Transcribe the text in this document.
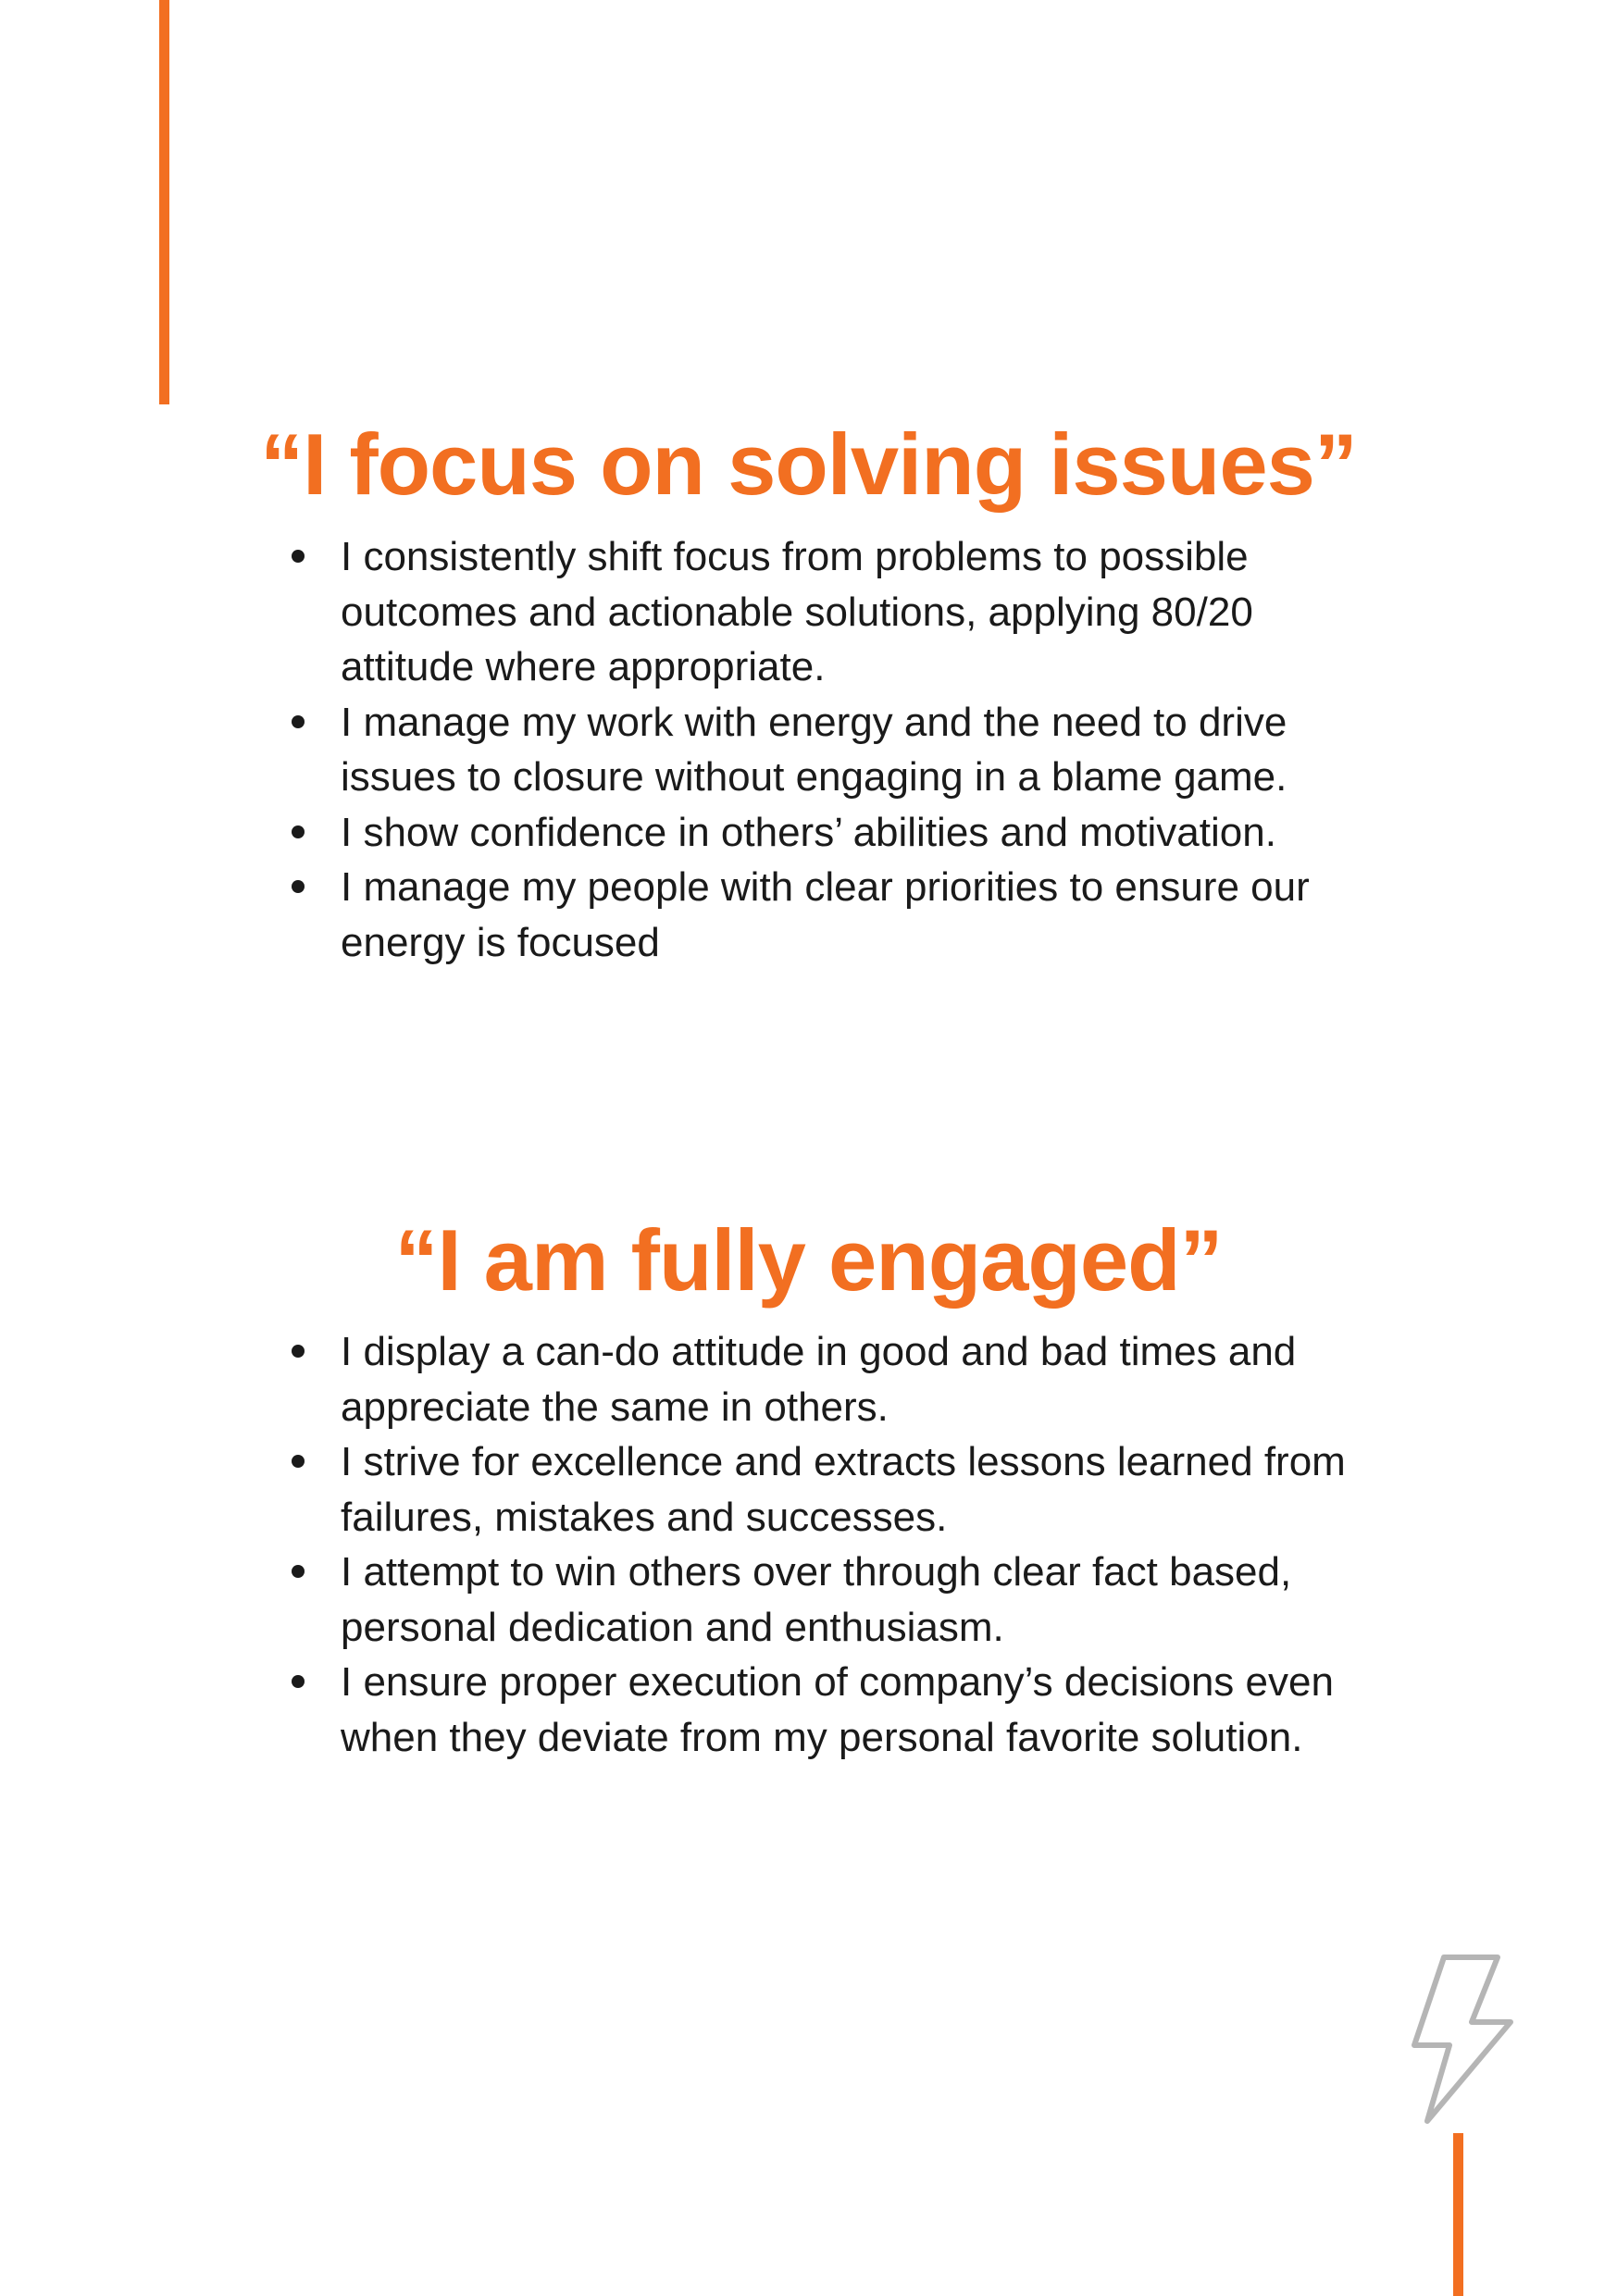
“I focus on solving issues”
I consistently shift focus from problems to possible outcomes and actionable solutions, applying 80/20 attitude where appropriate.
I manage my work with energy and the need to drive issues to closure without engaging in a blame game.
I show confidence in others’ abilities and motivation.
I manage my people with clear priorities to ensure our energy is focused
“I am fully engaged”
I display a can-do attitude in good and bad times and appreciate the same in others.
I strive for excellence and extracts lessons learned from failures, mistakes and successes.
I attempt to win others over through clear fact based, personal dedication and enthusiasm.
I ensure proper execution of company’s decisions even when they deviate from my personal favorite solution.
